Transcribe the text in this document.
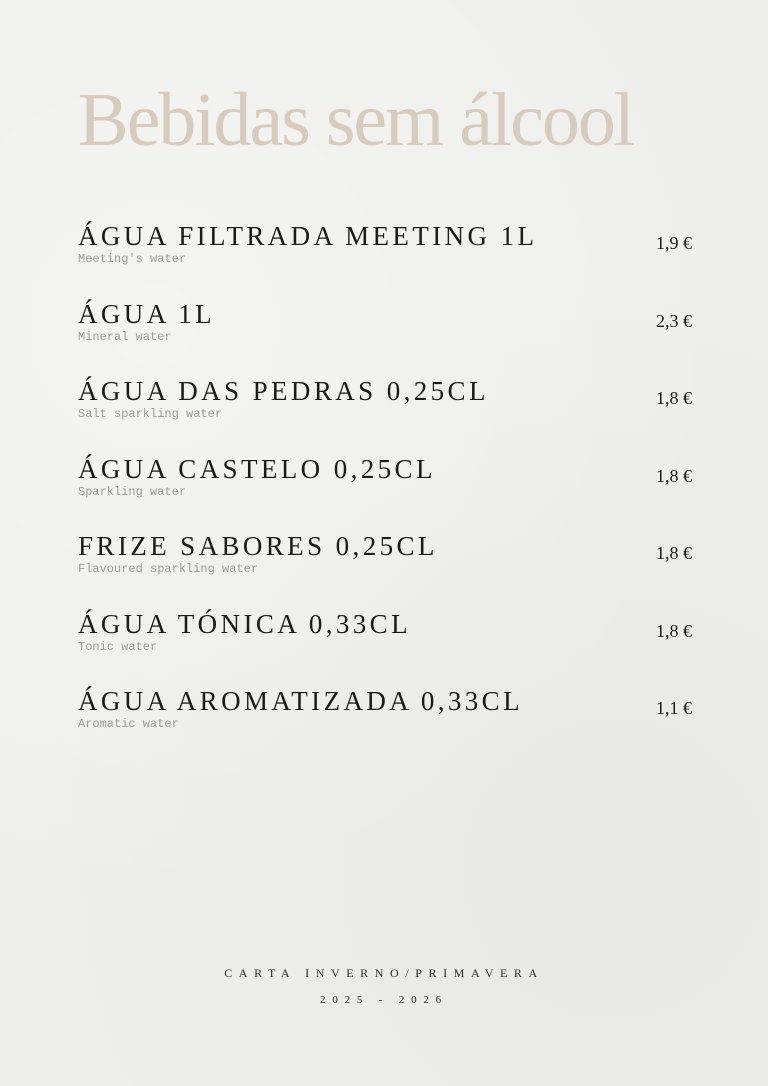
Bebidas sem álcool
ÁGUA FILTRADA MEETING 1L
Meeting's water
1,9 €
ÁGUA 1L
Mineral water
2,3 €
ÁGUA DAS PEDRAS 0,25CL
Salt sparkling water
1,8 €
ÁGUA CASTELO 0,25CL
Sparkling water
1,8 €
FRIZE SABORES 0,25CL
Flavoured sparkling water
1,8 €
ÁGUA TÓNICA 0,33CL
Tonic water
1,8 €
ÁGUA AROMATIZADA 0,33CL
Aromatic water
1,1 €
CARTA INVERNO/PRIMAVERA
2025 - 2026
